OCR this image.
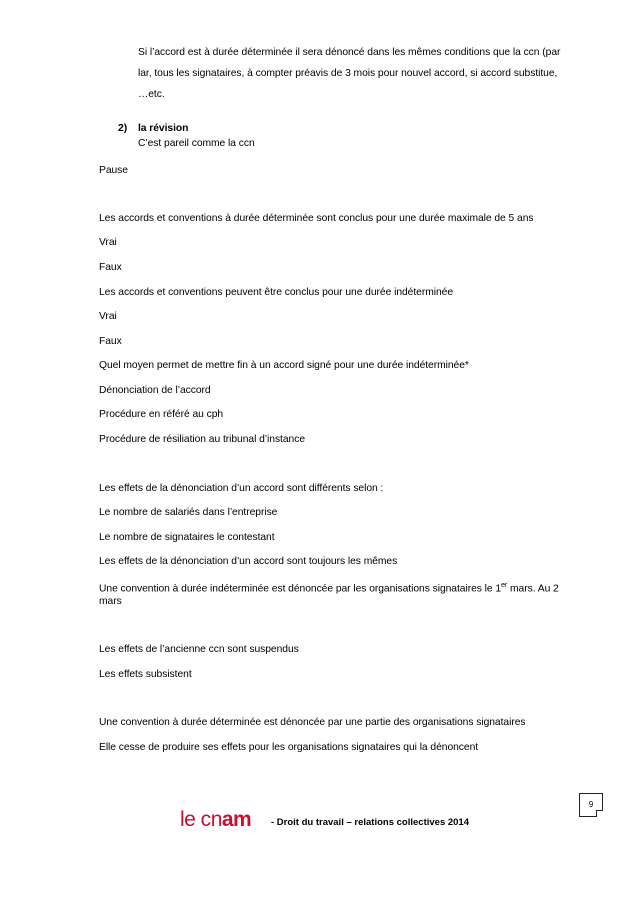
Si l’accord est à durée déterminée il sera dénoncé dans les mêmes conditions que la ccn (par
lar, tous les signataires, à compter préavis de 3 mois pour nouvel accord, si accord substitue,
…etc.
2) la révision
C’est pareil comme la ccn
Pause
Les accords et conventions à durée déterminée sont conclus pour une durée maximale de 5 ans
Vrai
Faux
Les accords et conventions peuvent être conclus pour une durée indéterminée
Vrai
Faux
Quel moyen permet de mettre fin à un accord signé pour une durée indéterminée*
Dénonciation de l’accord
Procédure en référé au cph
Procédure de résiliation au tribunal d’instance
Les effets de la dénonciation d’un accord sont différents selon :
Le nombre de salariés dans l’entreprise
Le nombre de signataires le contestant
Les effets de la dénonciation d’un accord sont toujours les mêmes
Une convention à durée indéterminée est dénoncée par les organisations signataires le 1er mars. Au 2
mars
Les effets de l’ancienne ccn sont suspendus
Les effets subsistent
Une convention à durée déterminée est dénoncée par une partie des organisations signataires
Elle cesse de produire ses effets pour les organisations signataires qui la dénoncent
9
le cnam - Droit du travail – relations collectives 2014
